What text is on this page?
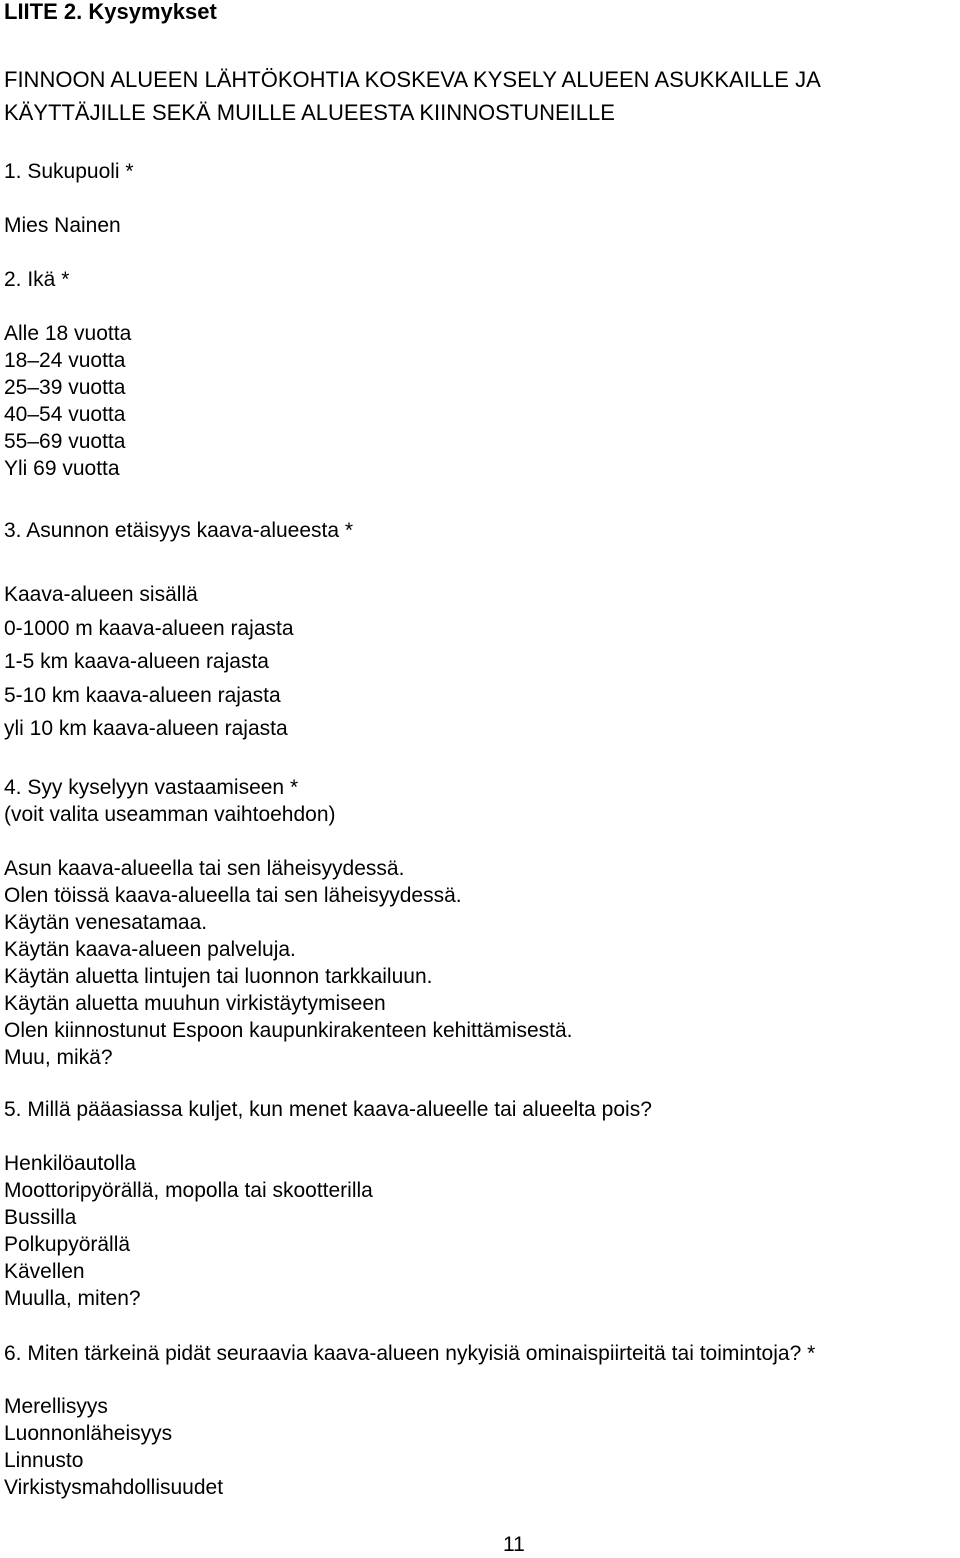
LIITE 2. Kysymykset
FINNOON ALUEEN LÄHTÖKOHTIA KOSKEVA KYSELY ALUEEN ASUKKAILLE JA
KÄYTTÄJILLE SEKÄ MUILLE ALUEESTA KIINNOSTUNEILLE
1. Sukupuoli *
Mies Nainen
2. Ikä *
Alle 18 vuotta
18–24 vuotta
25–39 vuotta
40–54 vuotta
55–69 vuotta
Yli 69 vuotta
3. Asunnon etäisyys kaava-alueesta *
Kaava-alueen sisällä
0-1000 m kaava-alueen rajasta
1-5 km kaava-alueen rajasta
5-10 km kaava-alueen rajasta
yli 10 km kaava-alueen rajasta
4. Syy kyselyyn vastaamiseen *
(voit valita useamman vaihtoehdon)
Asun kaava-alueella tai sen läheisyydessä.
Olen töissä kaava-alueella tai sen läheisyydessä.
Käytän venesatamaa.
Käytän kaava-alueen palveluja.
Käytän aluetta lintujen tai luonnon tarkkailuun.
Käytän aluetta muuhun virkistäytymiseen
Olen kiinnostunut Espoon kaupunkirakenteen kehittämisestä.
Muu, mikä?
5. Millä pääasiassa kuljet, kun menet kaava-alueelle tai alueelta pois?
Henkilöautolla
Moottoripyörällä, mopolla tai skootterilla
Bussilla
Polkupyörällä
Kävellen
Muulla, miten?
6. Miten tärkeinä pidät seuraavia kaava-alueen nykyisiä ominaispiirteitä tai toimintoja? *
Merellisyys
Luonnonläheisyys
Linnusto
Virkistysmahdollisuudet
11
